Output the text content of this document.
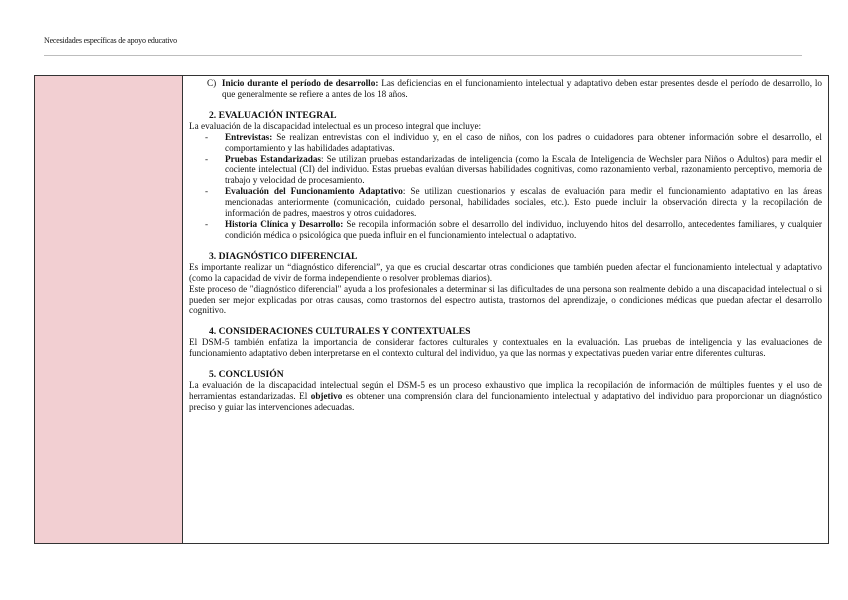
Necesidades específicas de apoyo educativo
C) Inicio durante el período de desarrollo: Las deficiencias en el funcionamiento intelectual y adaptativo deben estar presentes desde el período de desarrollo, lo que generalmente se refiere a antes de los 18 años.
2. EVALUACIÓN INTEGRAL

La evaluación de la discapacidad intelectual es un proceso integral que incluye:

- Entrevistas: Se realizan entrevistas con el individuo y, en el caso de niños, con los padres o cuidadores para obtener información sobre el desarrollo, el comportamiento y las habilidades adaptativas.
- Pruebas Estandarizadas: Se utilizan pruebas estandarizadas de inteligencia (como la Escala de Inteligencia de Wechsler para Niños o Adultos) para medir el cociente intelectual (CI) del individuo. Estas pruebas evalúan diversas habilidades cognitivas, como razonamiento verbal, razonamiento perceptivo, memoria de trabajo y velocidad de procesamiento.
- Evaluación del Funcionamiento Adaptativo: Se utilizan cuestionarios y escalas de evaluación para medir el funcionamiento adaptativo en las áreas mencionadas anteriormente (comunicación, cuidado personal, habilidades sociales, etc.). Esto puede incluir la observación directa y la recopilación de información de padres, maestros y otros cuidadores.
- Historia Clínica y Desarrollo: Se recopila información sobre el desarrollo del individuo, incluyendo hitos del desarrollo, antecedentes familiares, y cualquier condición médica o psicológica que pueda influir en el funcionamiento intelectual o adaptativo.
3. DIAGNÓSTICO DIFERENCIAL

Es importante realizar un “diagnóstico diferencial”, ya que es crucial descartar otras condiciones que también pueden afectar el funcionamiento intelectual y adaptativo (como la capacidad de vivir de forma independiente o resolver problemas diarios).

Este proceso de "diagnóstico diferencial" ayuda a los profesionales a determinar si las dificultades de una persona son realmente debido a una discapacidad intelectual o si pueden ser mejor explicadas por otras causas, como trastornos del espectro autista, trastornos del aprendizaje, o condiciones médicas que puedan afectar el desarrollo cognitivo.

4. CONSIDERACIONES CULTURALES Y CONTEXTUALES

El DSM-5 también enfatiza la importancia de considerar factores culturales y contextuales en la evaluación. Las pruebas de inteligencia y las evaluaciones de funcionamiento adaptativo deben interpretarse en el contexto cultural del individuo, ya que las normas y expectativas pueden variar entre diferentes culturas.

5. CONCLUSIÓN

La evaluación de la discapacidad intelectual según el DSM-5 es un proceso exhaustivo que implica la recopilación de información de múltiples fuentes y el uso de herramientas estandarizadas. El objetivo es obtener una comprensión clara del funcionamiento intelectual y adaptativo del individuo para proporcionar un diagnóstico preciso y guiar las intervenciones adecuadas.
